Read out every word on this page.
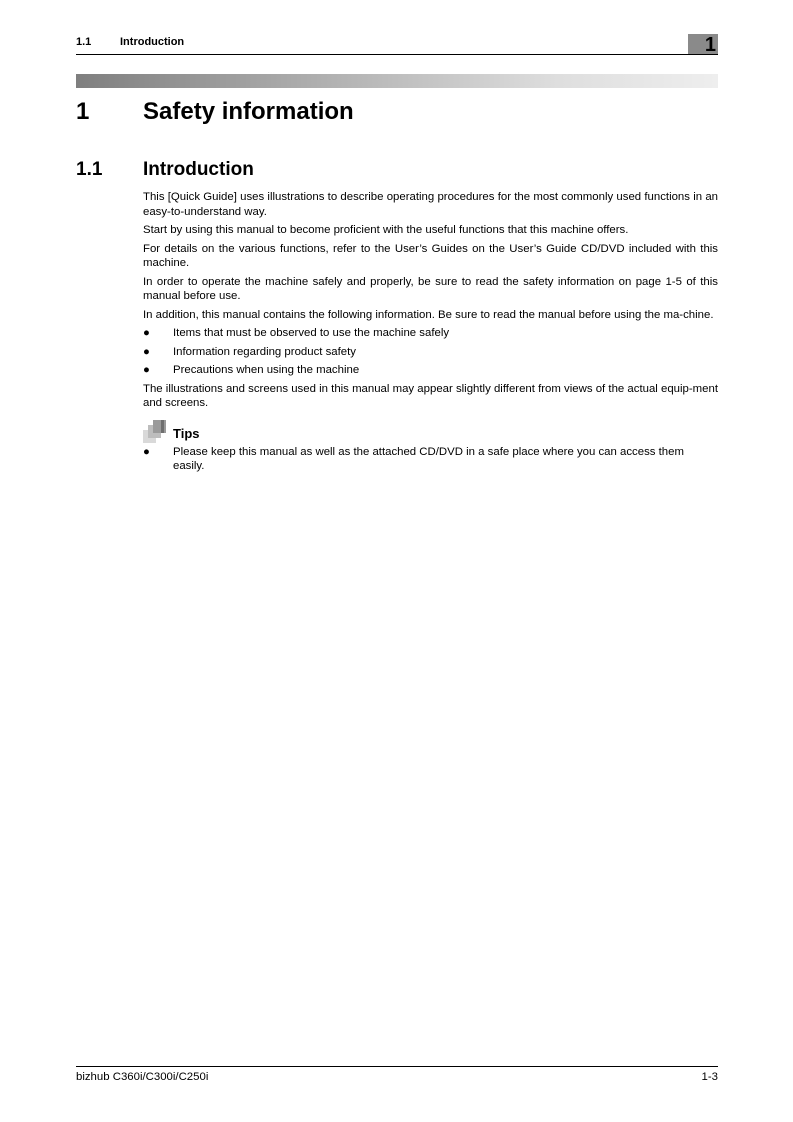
1.1	Introduction	1
1 Safety information
1.1 Introduction

This [Quick Guide] uses illustrations to describe operating procedures for the most commonly used functions in an easy-to-understand way.

Start by using this manual to become proficient with the useful functions that this machine offers.

For details on the various functions, refer to the User’s Guides on the User’s Guide CD/DVD included with this machine.

In order to operate the machine safely and properly, be sure to read the safety information on page 1-5 of this manual before use.

In addition, this manual contains the following information. Be sure to read the manual before using the ma-chine.

● Items that must be observed to use the machine safely
● Information regarding product safety
● Precautions when using the machine

The illustrations and screens used in this manual may appear slightly different from views of the actual equip-ment and screens.

Tips
● Please keep this manual as well as the attached CD/DVD in a safe place where you can access them easily.
bizhub C360i/C300i/C250i	1-3
